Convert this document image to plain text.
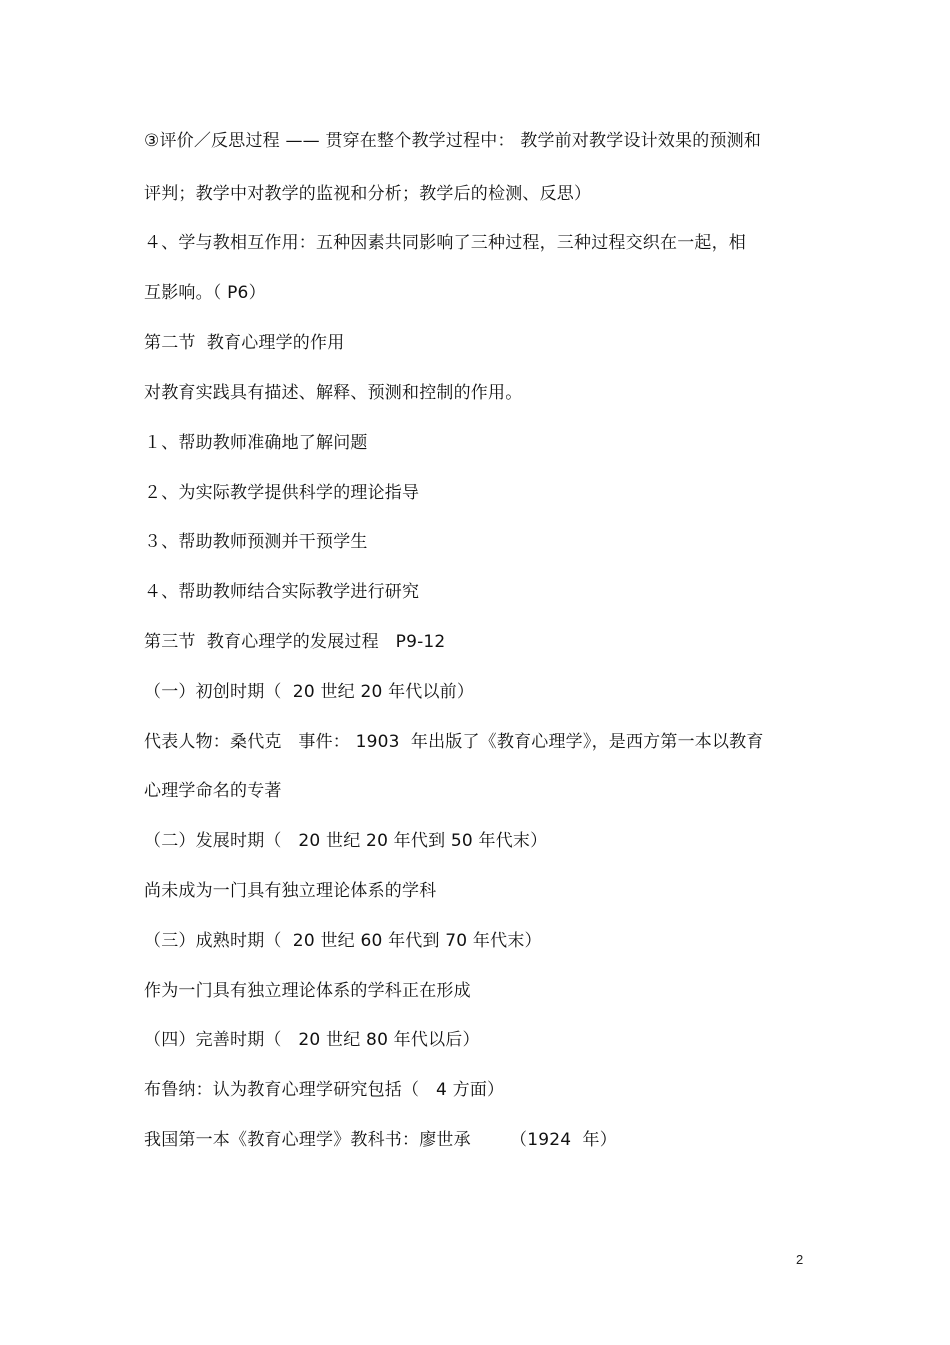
③评价／反思过程 —— 贯穿在整个教学过程中： 教学前对教学设计效果的预测和
评判；教学中对教学的监视和分析；教学后的检测、反思）
４、学与教相互作用：五种因素共同影响了三种过程，三种过程交织在一起，相
互影响。（ P6）
第二节  教育心理学的作用
对教育实践具有描述、解释、预测和控制的作用。
１、帮助教师准确地了解问题
２、为实际教学提供科学的理论指导
３、帮助教师预测并干预学生
４、帮助教师结合实际教学进行研究
第三节  教育心理学的发展过程   P9-12
（一）初创时期（  20 世纪 20 年代以前）
代表人物：桑代克   事件： 1903  年出版了《教育心理学》，是西方第一本以教育
心理学命名的专著
（二）发展时期（   20 世纪 20 年代到 50 年代末）
尚未成为一门具有独立理论体系的学科
（三）成熟时期（  20 世纪 60 年代到 70 年代末）
作为一门具有独立理论体系的学科正在形成
（四）完善时期（   20 世纪 80 年代以后）
布鲁纳：认为教育心理学研究包括（   4 方面）
我国第一本《教育心理学》教科书：廖世承       （1924  年）
2
